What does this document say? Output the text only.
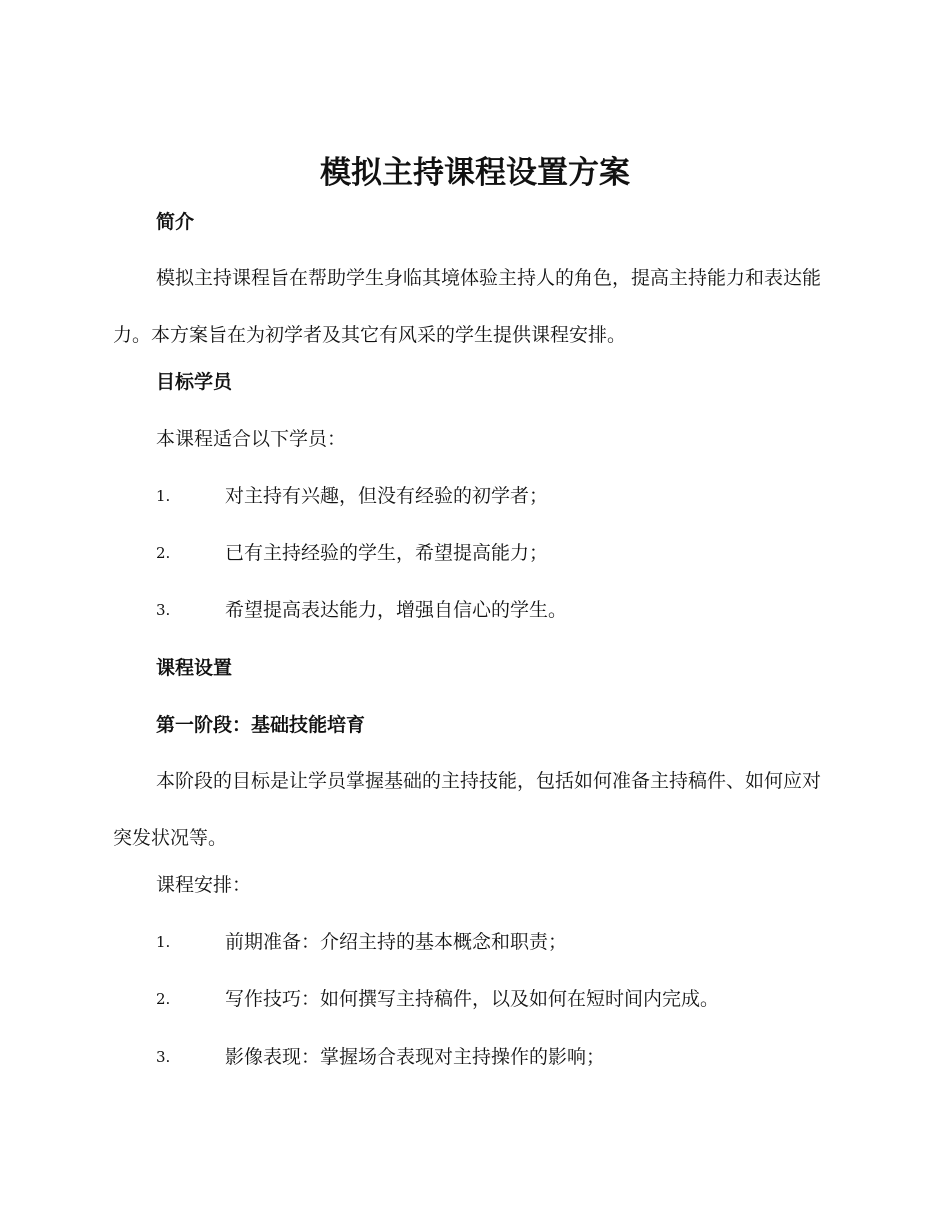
模拟主持课程设置方案
简介
模拟主持课程旨在帮助学生身临其境体验主持人的角色，提高主持能力和表达能力。本方案旨在为初学者及其它有风采的学生提供课程安排。
目标学员
本课程适合以下学员：
1.	对主持有兴趣，但没有经验的初学者；
2.	已有主持经验的学生，希望提高能力；
3.	希望提高表达能力，增强自信心的学生。
课程设置
第一阶段：基础技能培育
本阶段的目标是让学员掌握基础的主持技能，包括如何准备主持稿件、如何应对突发状况等。
课程安排：
1.	前期准备：介绍主持的基本概念和职责；
2.	写作技巧：如何撰写主持稿件，以及如何在短时间内完成。
3.	影像表现：掌握场合表现对主持操作的影响；
